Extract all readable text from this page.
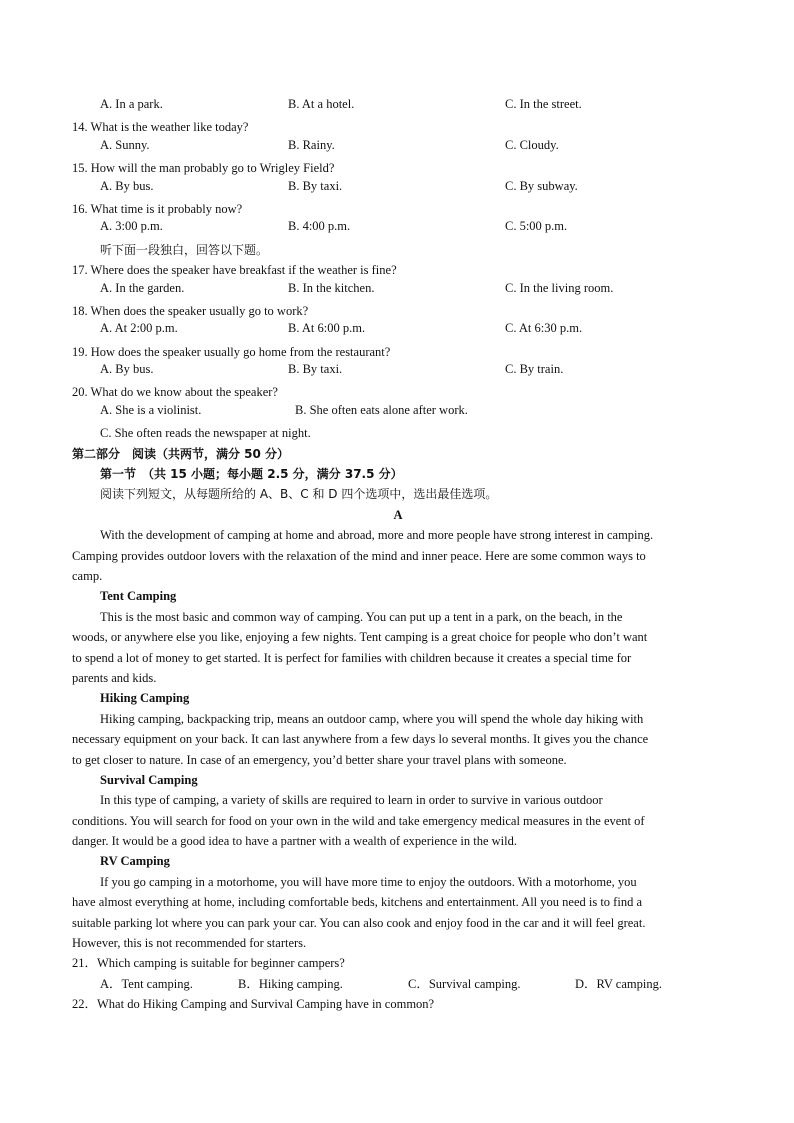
A. In a park.	B. At a hotel.	C. In the street.
14. What is the weather like today?
A. Sunny.	B. Rainy.	C. Cloudy.
15. How will the man probably go to Wrigley Field?
A. By bus.	B. By taxi.	C. By subway.
16. What time is it probably now?
A. 3:00 p.m.	B. 4:00 p.m.	C. 5:00 p.m.
听下面一段独白，回答以下题。
17. Where does the speaker have breakfast if the weather is fine?
A. In the garden.	B. In the kitchen.	C. In the living room.
18. When does the speaker usually go to work?
A. At 2:00 p.m.	B. At 6:00 p.m.	C. At 6:30 p.m.
19. How does the speaker usually go home from the restaurant?
A. By bus.	B. By taxi.	C. By train.
20. What do we know about the speaker?
A. She is a violinist.	B. She often eats alone after work.
C. She often reads the newspaper at night.
第二部分　阅读（共两节，满分 50 分）
第一节　（共 15 小题；每小题 2.5 分，满分 37.5 分）
阅读下列短文，从每题所给的 A、B、C 和 D 四个选项中，选出最佳选项。
A
With the development of camping at home and abroad, more and more people have strong interest in camping.
Camping provides outdoor lovers with the relaxation of the mind and inner peace. Here are some common ways to
camp.
Tent Camping
This is the most basic and common way of camping. You can put up a tent in a park, on the beach, in the
woods, or anywhere else you like, enjoying a few nights. Tent camping is a great choice for people who don’t want
to spend a lot of money to get started. It is perfect for families with children because it creates a special time for
parents and kids.
Hiking Camping
Hiking camping, backpacking trip, means an outdoor camp, where you will spend the whole day hiking with
necessary equipment on your back. It can last anywhere from a few days lo several months. It gives you the chance
to get closer to nature. In case of an emergency, you’d better share your travel plans with someone.
Survival Camping
In this type of camping, a variety of skills are required to learn in order to survive in various outdoor
conditions. You will search for food on your own in the wild and take emergency medical measures in the event of
danger. It would be a good idea to have a partner with a wealth of experience in the wild.
RV Camping
If you go camping in a motorhome, you will have more time to enjoy the outdoors. With a motorhome, you
have almost everything at home, including comfortable beds, kitchens and entertainment. All you need is to find a
suitable parking lot where you can park your car. You can also cook and enjoy food in the car and it will feel great.
However, this is not recommended for starters.
21．Which camping is suitable for beginner campers?
A．Tent camping.	B．Hiking camping.	C．Survival camping.	D．RV camping.
22．What do Hiking Camping and Survival Camping have in common?
